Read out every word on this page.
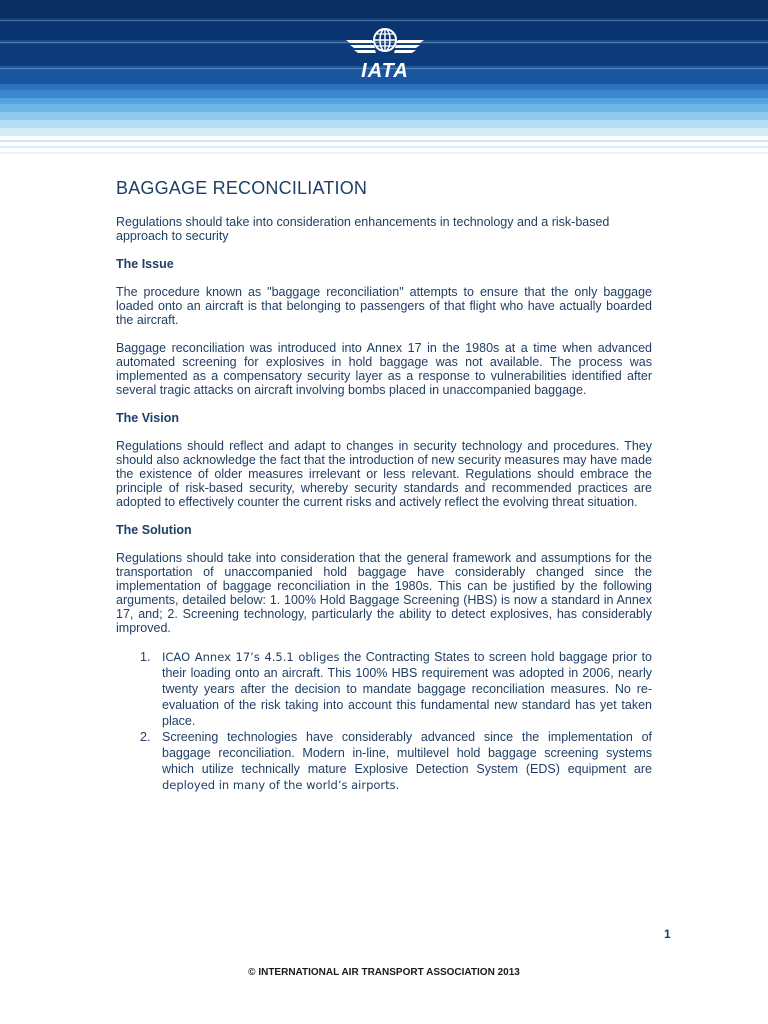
IATA
BAGGAGE RECONCILIATION

Regulations should take into consideration enhancements in technology and a risk-based approach to security

The Issue

The procedure known as "baggage reconciliation" attempts to ensure that the only baggage loaded onto an aircraft is that belonging to passengers of that flight who have actually boarded the aircraft.

Baggage reconciliation was introduced into Annex 17 in the 1980s at a time when advanced automated screening for explosives in hold baggage was not available. The process was implemented as a compensatory security layer as a response to vulnerabilities identified after several tragic attacks on aircraft involving bombs placed in unaccompanied baggage.

The Vision

Regulations should reflect and adapt to changes in security technology and procedures. They should also acknowledge the fact that the introduction of new security measures may have made the existence of older measures irrelevant or less relevant. Regulations should embrace the principle of risk-based security, whereby security standards and recommended practices are adopted to effectively counter the current risks and actively reflect the evolving threat situation.

The Solution

Regulations should take into consideration that the general framework and assumptions for the transportation of unaccompanied hold baggage have considerably changed since the implementation of baggage reconciliation in the 1980s. This can be justified by the following arguments, detailed below: 1. 100% Hold Baggage Screening (HBS) is now a standard in Annex 17, and; 2. Screening technology, particularly the ability to detect explosives, has considerably improved.

1. ICAO Annex 17’s 4.5.1 obliges the Contracting States to screen hold baggage prior to their loading onto an aircraft. This 100% HBS requirement was adopted in 2006, nearly twenty years after the decision to mandate baggage reconciliation measures. No re-evaluation of the risk taking into account this fundamental new standard has yet taken place.
2. Screening technologies have considerably advanced since the implementation of baggage reconciliation. Modern in-line, multilevel hold baggage screening systems which utilize technically mature Explosive Detection System (EDS) equipment are deployed in many of the world’s airports.
1
© INTERNATIONAL AIR TRANSPORT ASSOCIATION 2013
